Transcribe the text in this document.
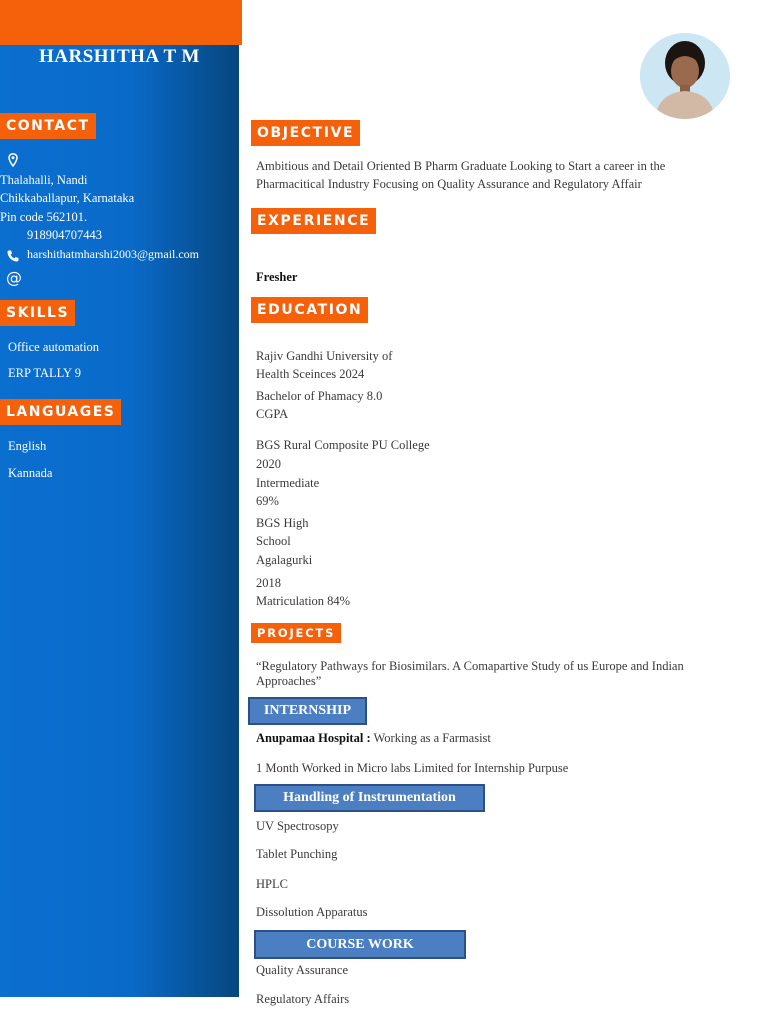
HARSHITHA T M
CONTACT
Thalahalli, Nandi
Chikkaballapur, Karnataka
Pin code 562101.
918904707443
harshithatmharshi2003@gmail.com
@
SKILLS
Office automation
ERP TALLY 9
LANGUAGES
English
Kannada
OBJECTIVE
Ambitious and Detail Oriented B Pharm Graduate Looking to Start a career in the
Pharmacitical Industry Focusing on Quality Assurance and Regulatory Affair
EXPERIENCE
Fresher
EDUCATION
Rajiv Gandhi University of
Health Sceinces 2024
Bachelor of Phamacy 8.0
CGPA
BGS Rural Composite PU College
2020
Intermediate
69%
BGS High
School
Agalagurki
2018
Matriculation 84%
PROJECTS
“Regulatory Pathways for Biosimilars. A Comapartive Study of us Europe and Indian
Approaches”
INTERNSHIP
Anupamaa Hospital : Working as a Farmasist
1 Month Worked in Micro labs Limited for Internship Purpuse
Handling of Instrumentation
UV Spectrosopy
Tablet Punching
HPLC
Dissolution Apparatus
COURSE WORK
Quality Assurance
Regulatory Affairs
